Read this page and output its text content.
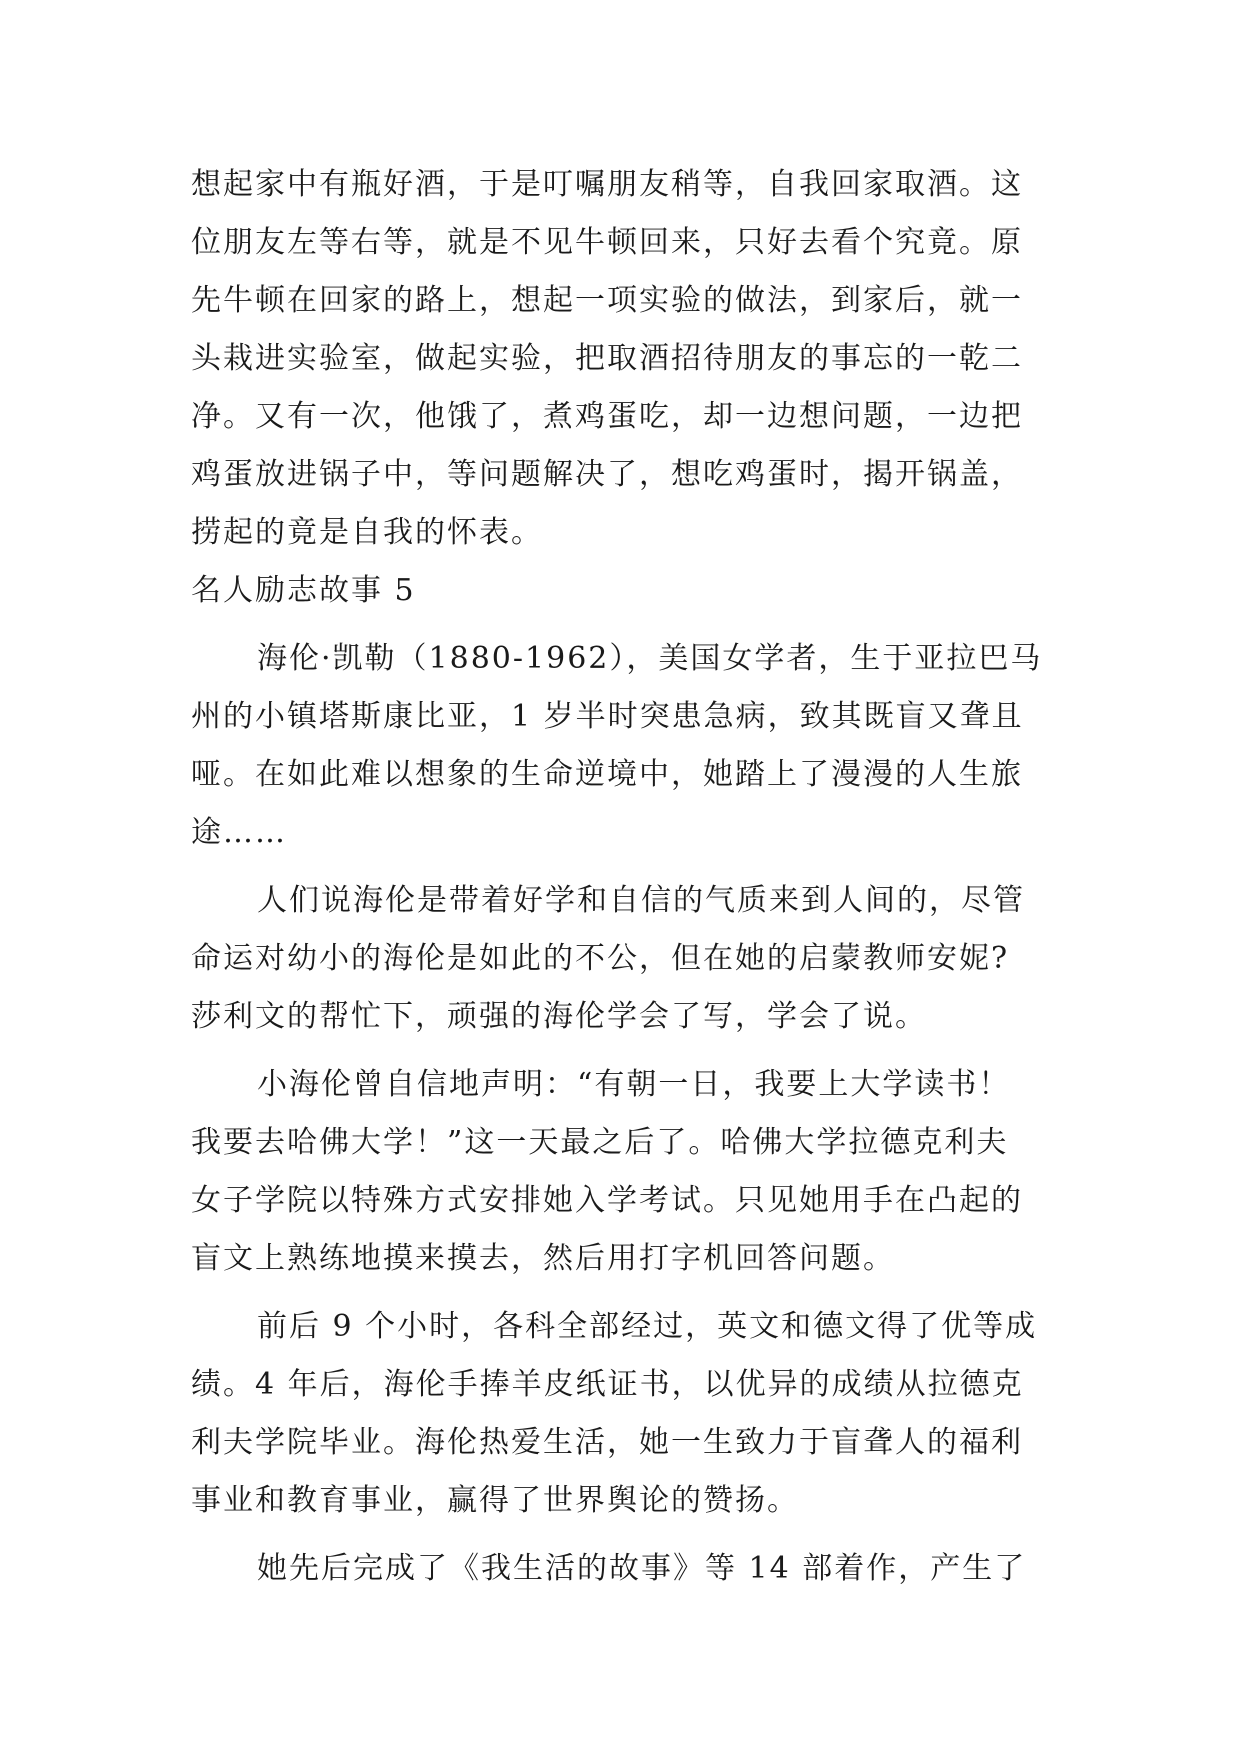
想起家中有瓶好酒，于是叮嘱朋友稍等，自我回家取酒。这
位朋友左等右等，就是不见牛顿回来，只好去看个究竟。原
先牛顿在回家的路上，想起一项实验的做法，到家后，就一
头栽进实验室，做起实验，把取酒招待朋友的事忘的一乾二
净。又有一次，他饿了，煮鸡蛋吃，却一边想问题，一边把
鸡蛋放进锅子中，等问题解决了，想吃鸡蛋时，揭开锅盖，
捞起的竟是自我的怀表。
名人励志故事 5
海伦·凯勒（1880-1962），美国女学者，生于亚拉巴马
州的小镇塔斯康比亚，1 岁半时突患急病，致其既盲又聋且
哑。在如此难以想象的生命逆境中，她踏上了漫漫的人生旅
途……
人们说海伦是带着好学和自信的气质来到人间的，尽管
命运对幼小的海伦是如此的不公，但在她的启蒙教师安妮?
莎利文的帮忙下，顽强的海伦学会了写，学会了说。
小海伦曾自信地声明：“有朝一日，我要上大学读书！
我要去哈佛大学！”这一天最之后了。哈佛大学拉德克利夫
女子学院以特殊方式安排她入学考试。只见她用手在凸起的
盲文上熟练地摸来摸去，然后用打字机回答问题。
前后 9 个小时，各科全部经过，英文和德文得了优等成
绩。4 年后，海伦手捧羊皮纸证书，以优异的成绩从拉德克
利夫学院毕业。海伦热爱生活，她一生致力于盲聋人的福利
事业和教育事业，赢得了世界舆论的赞扬。
她先后完成了《我生活的故事》等 14 部着作，产生了
